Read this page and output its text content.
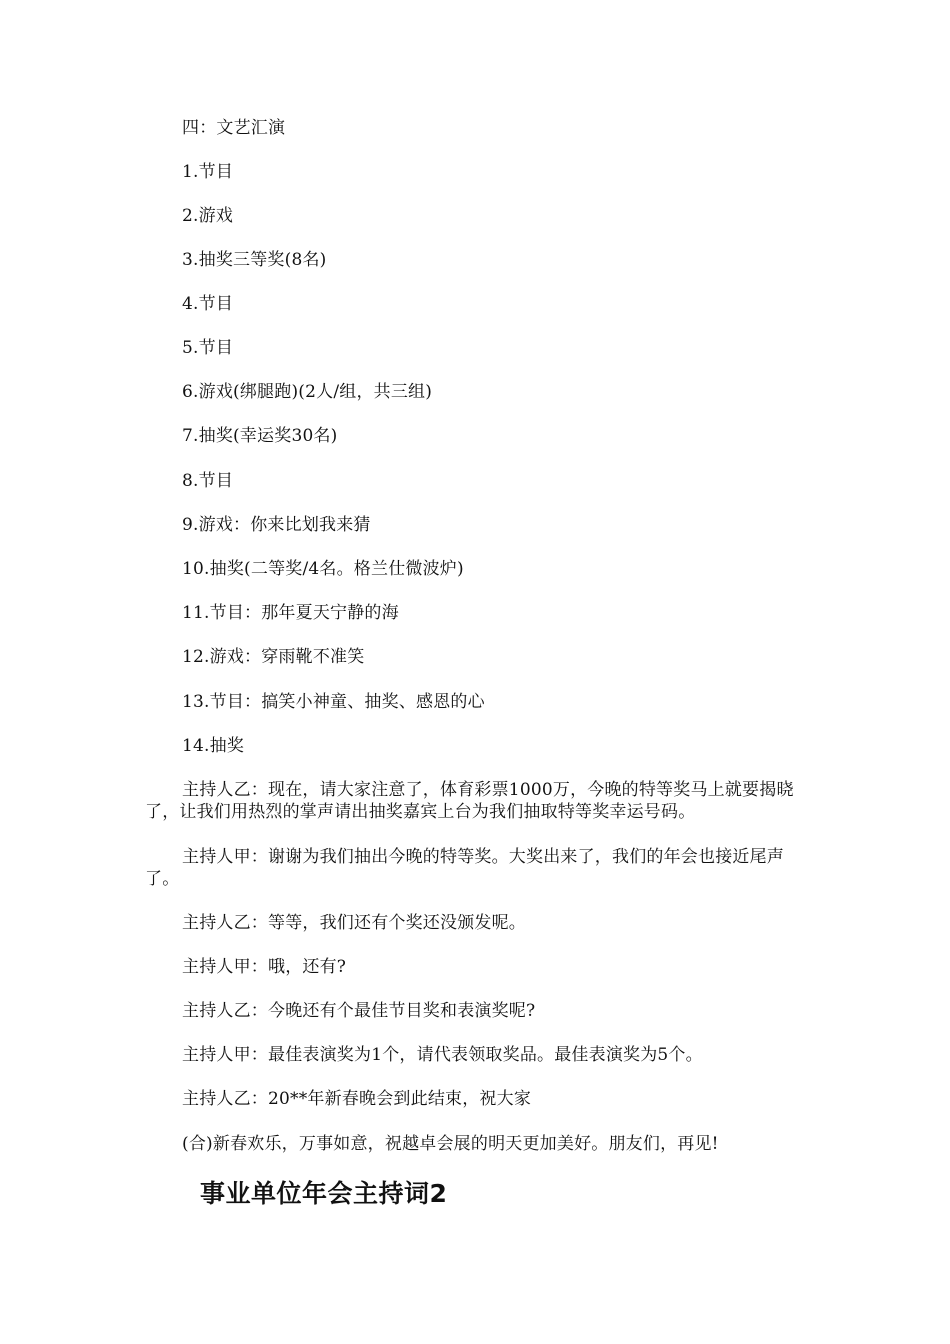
四：文艺汇演
1.节目
2.游戏
3.抽奖三等奖(8名)
4.节目
5.节目
6.游戏(绑腿跑)(2人/组，共三组)
7.抽奖(幸运奖30名)
8.节目
9.游戏：你来比划我来猜
10.抽奖(二等奖/4名。格兰仕微波炉)
11.节目：那年夏天宁静的海
12.游戏：穿雨靴不准笑
13.节目：搞笑小神童、抽奖、感恩的心
14.抽奖
主持人乙：现在，请大家注意了，体育彩票1000万，今晚的特等奖马上就要揭晓了，让我们用热烈的掌声请出抽奖嘉宾上台为我们抽取特等奖幸运号码。
主持人甲：谢谢为我们抽出今晚的特等奖。大奖出来了，我们的年会也接近尾声了。
主持人乙：等等，我们还有个奖还没颁发呢。
主持人甲：哦，还有?
主持人乙：今晚还有个最佳节目奖和表演奖呢?
主持人甲：最佳表演奖为1个，请代表领取奖品。最佳表演奖为5个。
主持人乙：20**年新春晚会到此结束，祝大家
(合)新春欢乐，万事如意，祝越卓会展的明天更加美好。朋友们，再见!
事业单位年会主持词2
